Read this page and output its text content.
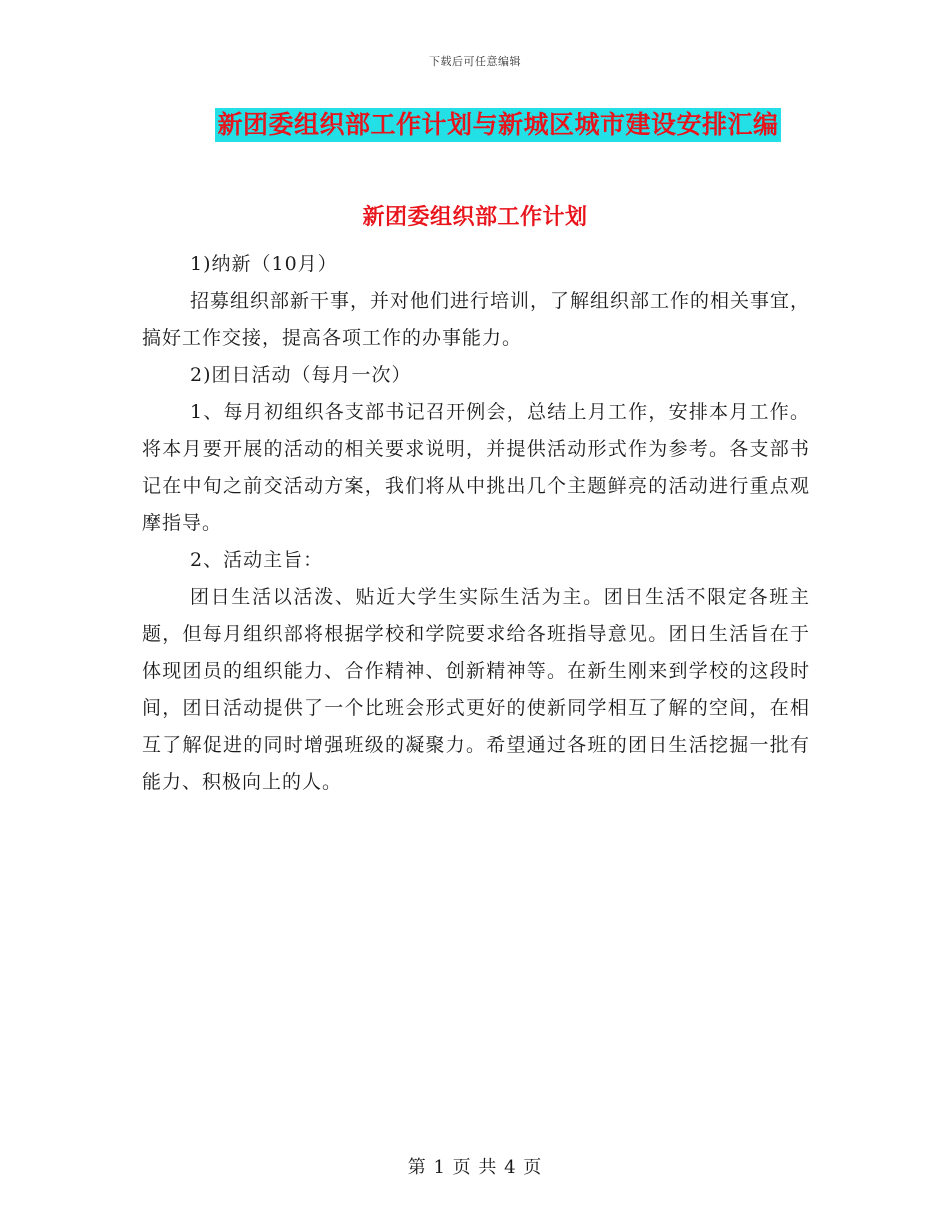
下载后可任意编辑
新团委组织部工作计划与新城区城市建设安排汇编
新团委组织部工作计划

1)纳新（10月）

招募组织部新干事，并对他们进行培训，了解组织部工作的相关事宜，搞好工作交接，提高各项工作的办事能力。

2)团日活动（每月一次）

1、每月初组织各支部书记召开例会，总结上月工作，安排本月工作。将本月要开展的活动的相关要求说明，并提供活动形式作为参考。各支部书记在中旬之前交活动方案，我们将从中挑出几个主题鲜亮的活动进行重点观摩指导。

2、活动主旨：

团日生活以活泼、贴近大学生实际生活为主。团日生活不限定各班主题，但每月组织部将根据学校和学院要求给各班指导意见。团日生活旨在于体现团员的组织能力、合作精神、创新精神等。在新生刚来到学校的这段时间，团日活动提供了一个比班会形式更好的使新同学相互了解的空间，在相互了解促进的同时增强班级的凝聚力。希望通过各班的团日生活挖掘一批有能力、积极向上的人。

第 1 页 共 4 页
